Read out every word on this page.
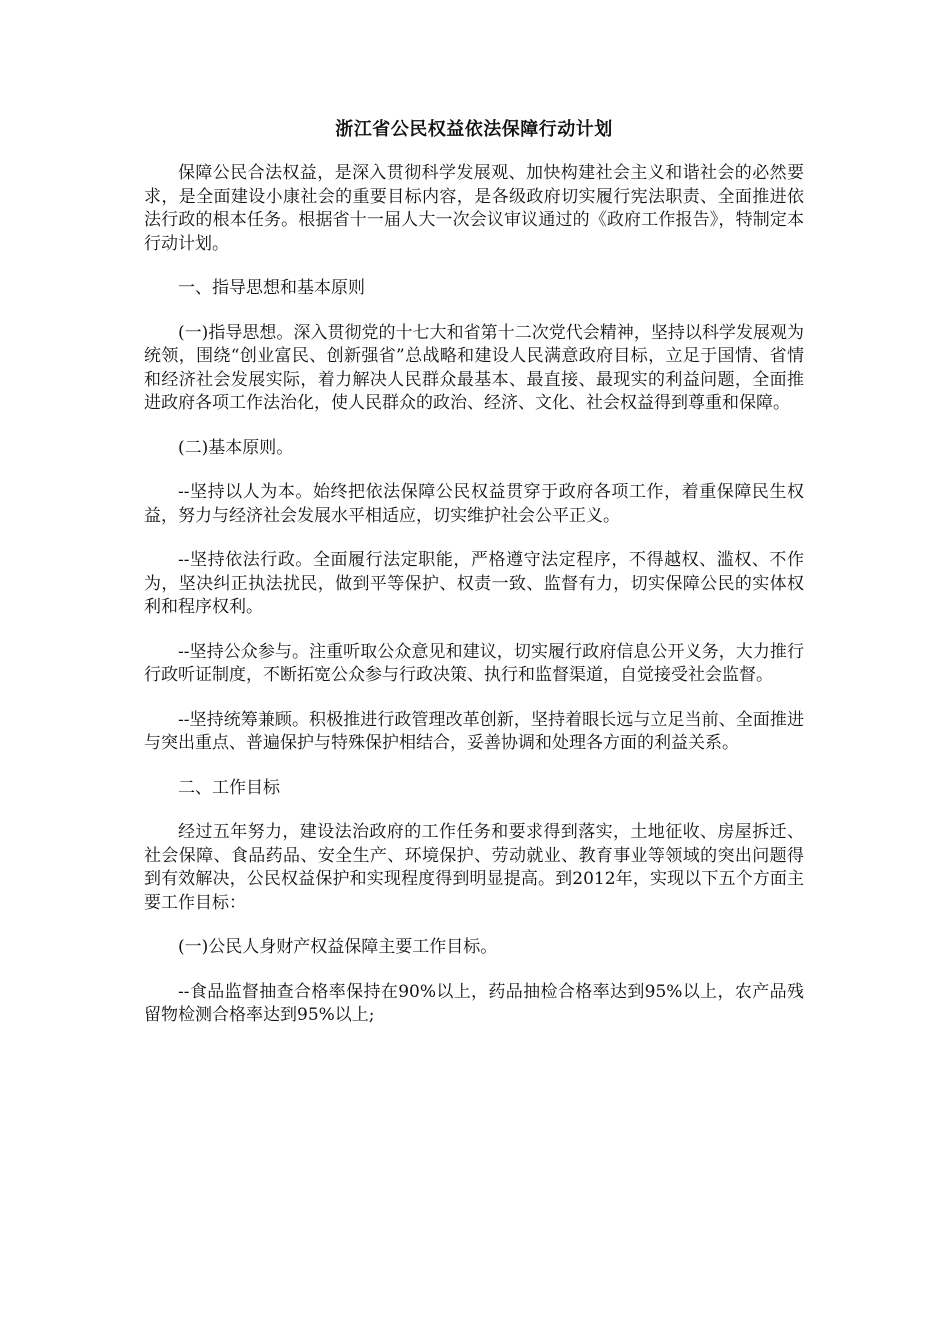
浙江省公民权益依法保障行动计划

保障公民合法权益，是深入贯彻科学发展观、加快构建社会主义和谐社会的必然要求，是全面建设小康社会的重要目标内容，是各级政府切实履行宪法职责、全面推进依法行政的根本任务。根据省十一届人大一次会议审议通过的《政府工作报告》，特制定本行动计划。

一、指导思想和基本原则

(一)指导思想。深入贯彻党的十七大和省第十二次党代会精神，坚持以科学发展观为统领，围绕“创业富民、创新强省”总战略和建设人民满意政府目标，立足于国情、省情和经济社会发展实际，着力解决人民群众最基本、最直接、最现实的利益问题，全面推进政府各项工作法治化，使人民群众的政治、经济、文化、社会权益得到尊重和保障。

(二)基本原则。

--坚持以人为本。始终把依法保障公民权益贯穿于政府各项工作，着重保障民生权益，努力与经济社会发展水平相适应，切实维护社会公平正义。

--坚持依法行政。全面履行法定职能，严格遵守法定程序，不得越权、滥权、不作为，坚决纠正执法扰民，做到平等保护、权责一致、监督有力，切实保障公民的实体权利和程序权利。

--坚持公众参与。注重听取公众意见和建议，切实履行政府信息公开义务，大力推行行政听证制度，不断拓宽公众参与行政决策、执行和监督渠道，自觉接受社会监督。

--坚持统筹兼顾。积极推进行政管理改革创新，坚持着眼长远与立足当前、全面推进与突出重点、普遍保护与特殊保护相结合，妥善协调和处理各方面的利益关系。

二、工作目标

经过五年努力，建设法治政府的工作任务和要求得到落实，土地征收、房屋拆迁、社会保障、食品药品、安全生产、环境保护、劳动就业、教育事业等领域的突出问题得到有效解决，公民权益保护和实现程度得到明显提高。到2012年，实现以下五个方面主要工作目标：

(一)公民人身财产权益保障主要工作目标。

--食品监督抽查合格率保持在90%以上，药品抽检合格率达到95%以上，农产品残留物检测合格率达到95%以上;
